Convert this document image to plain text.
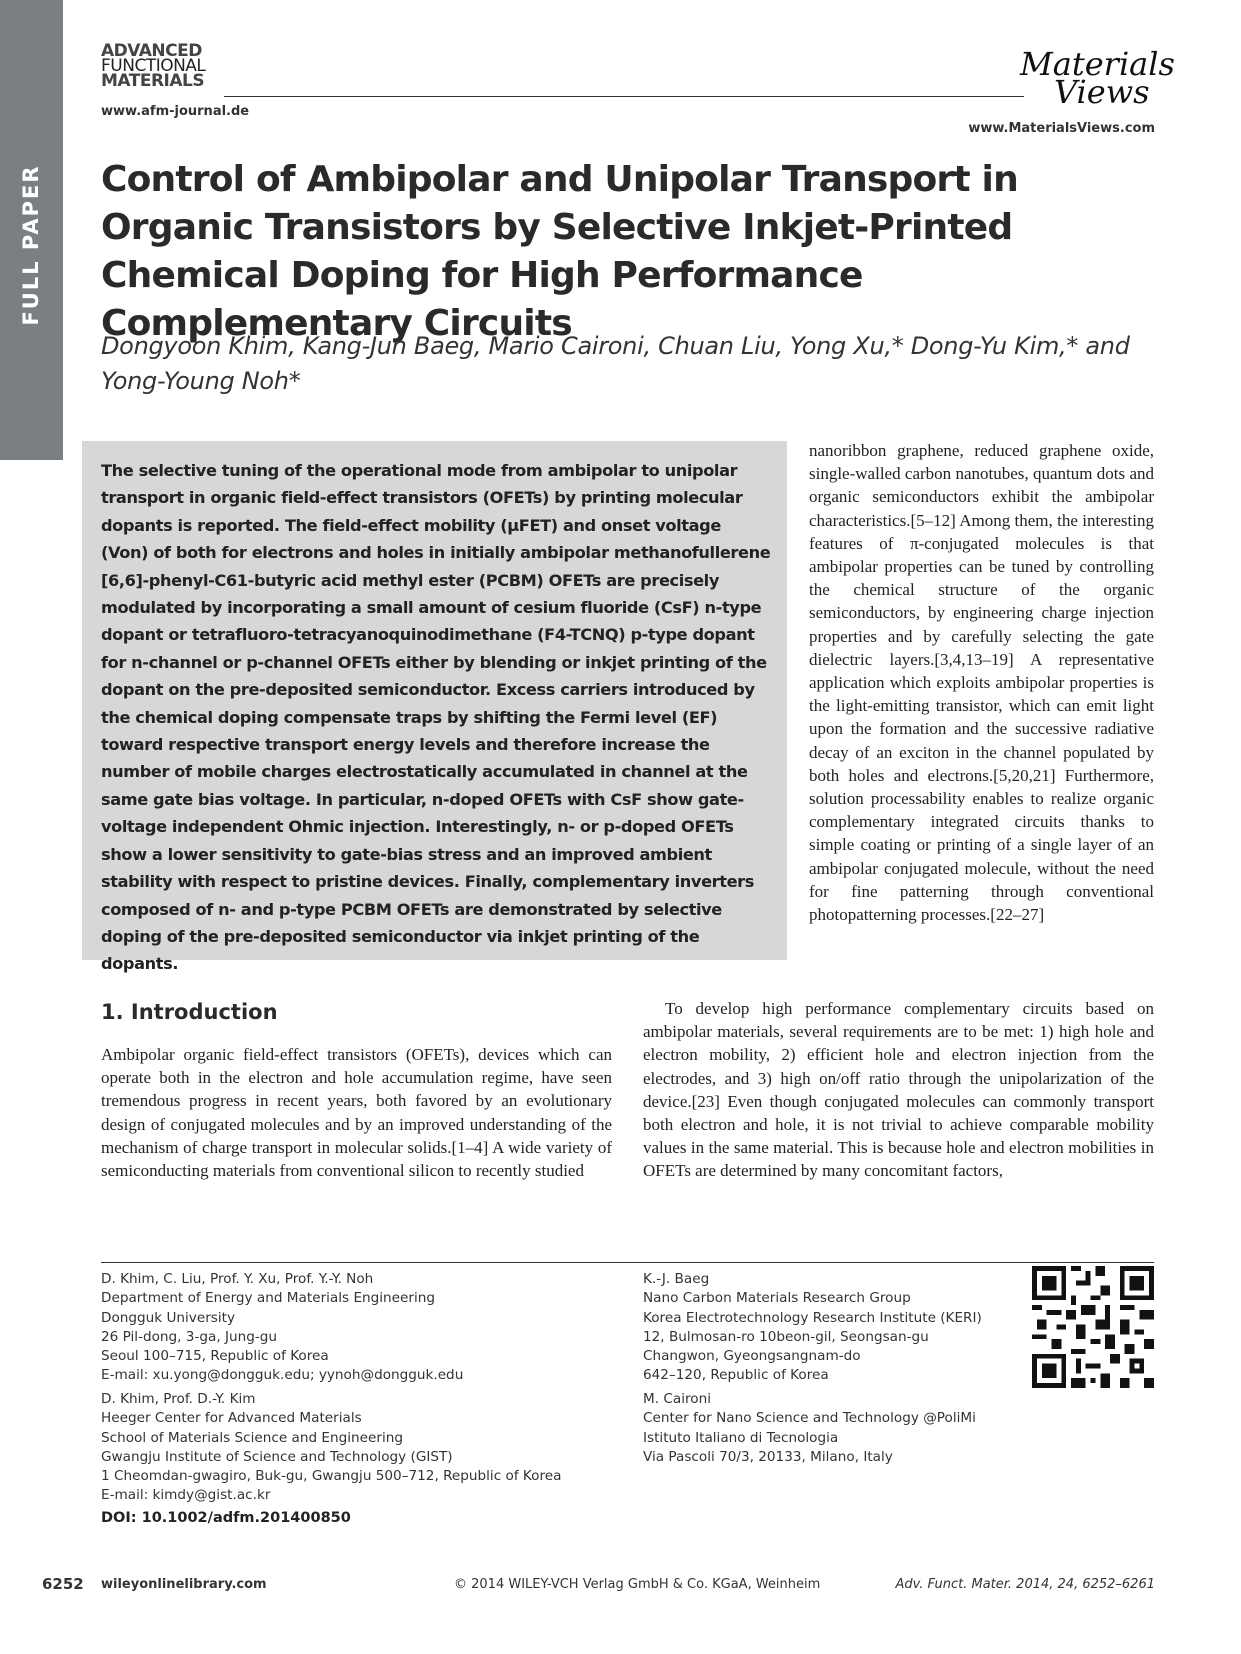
FULL PAPER
ADVANCED
FUNCTIONAL
MATERIALS
www.afm-journal.de
Materials
Views
www.MaterialsViews.com
Control of Ambipolar and Unipolar Transport in Organic Transistors by Selective Inkjet-Printed Chemical Doping for High Performance Complementary Circuits
Dongyoon Khim, Kang-Jun Baeg, Mario Caironi, Chuan Liu, Yong Xu,* Dong-Yu Kim,* and Yong-Young Noh*

The selective tuning of the operational mode from ambipolar to unipolar transport in organic field-effect transistors (OFETs) by printing molecular dopants is reported. The field-effect mobility (μFET) and onset voltage (Von) of both for electrons and holes in initially ambipolar methanofullerene [6,6]-phenyl-C61-butyric acid methyl ester (PCBM) OFETs are precisely modulated by incorporating a small amount of cesium fluoride (CsF) n-type dopant or tetrafluoro-tetracyanoquinodimethane (F4-TCNQ) p-type dopant for n-channel or p-channel OFETs either by blending or inkjet printing of the dopant on the pre-deposited semiconductor. Excess carriers introduced by the chemical doping compensate traps by shifting the Fermi level (EF) toward respective transport energy levels and therefore increase the number of mobile charges electrostatically accumulated in channel at the same gate bias voltage. In particular, n-doped OFETs with CsF show gate-voltage independent Ohmic injection. Interestingly, n- or p-doped OFETs show a lower sensitivity to gate-bias stress and an improved ambient stability with respect to pristine devices. Finally, complementary inverters composed of n- and p-type PCBM OFETs are demonstrated by selective doping of the pre-deposited semiconductor via inkjet printing of the dopants.

nanoribbon graphene, reduced graphene oxide, single-walled carbon nanotubes, quantum dots and organic semiconductors exhibit the ambipolar characteristics.[5–12] Among them, the interesting features of π-conjugated molecules is that ambipolar properties can be tuned by controlling the chemical structure of the organic semiconductors, by engineering charge injection properties and by carefully selecting the gate dielectric layers.[3,4,13–19] A representative application which exploits ambipolar properties is the light-emitting transistor, which can emit light upon the formation and the successive radiative decay of an exciton in the channel populated by both holes and electrons.[5,20,21] Furthermore, solution processability enables to realize organic complementary integrated circuits thanks to simple coating or printing of a single layer of an ambipolar conjugated molecule, without the need for fine patterning through conventional photopatterning processes.[22–27]

1. Introduction

Ambipolar organic field-effect transistors (OFETs), devices which can operate both in the electron and hole accumulation regime, have seen tremendous progress in recent years, both favored by an evolutionary design of conjugated molecules and by an improved understanding of the mechanism of charge transport in molecular solids.[1–4] A wide variety of semiconducting materials from conventional silicon to recently studied

To develop high performance complementary circuits based on ambipolar materials, several requirements are to be met: 1) high hole and electron mobility, 2) efficient hole and electron injection from the electrodes, and 3) high on/off ratio through the unipolarization of the device.[23] Even though conjugated molecules can commonly transport both electron and hole, it is not trivial to achieve comparable mobility values in the same material. This is because hole and electron mobilities in OFETs are determined by many concomitant factors,

D. Khim, C. Liu, Prof. Y. Xu, Prof. Y.-Y. Noh
Department of Energy and Materials Engineering
Dongguk University
26 Pil-dong, 3-ga, Jung-gu
Seoul 100–715, Republic of Korea
E-mail: xu.yong@dongguk.edu; yynoh@dongguk.edu
D. Khim, Prof. D.-Y. Kim
Heeger Center for Advanced Materials
School of Materials Science and Engineering
Gwangju Institute of Science and Technology (GIST)
1 Cheomdan-gwagiro, Buk-gu, Gwangju 500–712, Republic of Korea
E-mail: kimdy@gist.ac.kr
K.-J. Baeg
Nano Carbon Materials Research Group
Korea Electrotechnology Research Institute (KERI)
12, Bulmosan-ro 10beon-gil, Seongsan-gu
Changwon, Gyeongsangnam-do
642–120, Republic of Korea
M. Caironi
Center for Nano Science and Technology @PoliMi
Istituto Italiano di Tecnologia
Via Pascoli 70/3, 20133, Milano, Italy
DOI: 10.1002/adfm.201400850
6252 wileyonlinelibrary.com	© 2014 WILEY-VCH Verlag GmbH & Co. KGaA, Weinheim	Adv. Funct. Mater. 2014, 24, 6252–6261
